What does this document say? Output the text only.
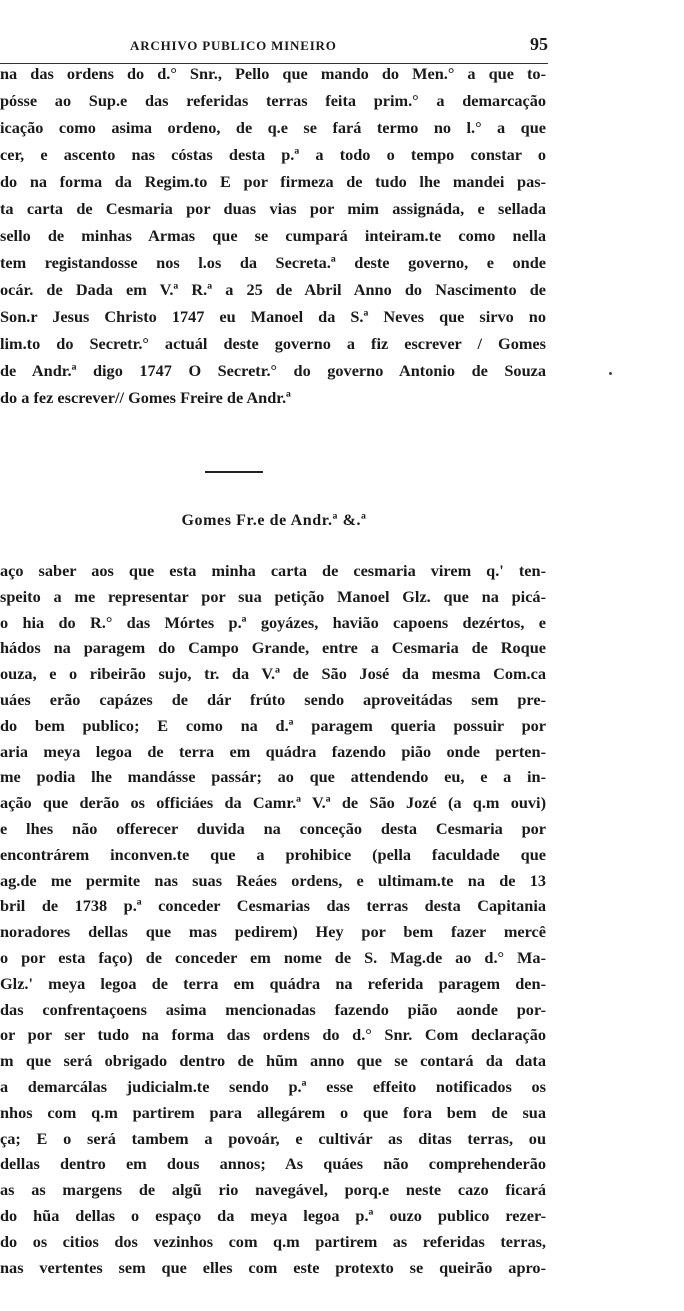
ARCHIVO PUBLICO MINEIRO	95
na das ordens do d.° Snr., Pello que mando do Men.° a que to-
pósse ao Sup.e das referidas terras feita prim.° a demarcação
icação como asima ordeno, de q.e se fará termo no l.° a que
cer, e asсento nas cóstas desta p.ª a todo o tempo constar o
do na forma da Regim.to E por firmeza de tudo lhe mandei pas-
ta carta de Cesmaria por duas vias por mim assignáda, e sellada
sello de minhas Armas que se cumpará inteiram.te como nella
tem registandosse nos l.os da Secreta.ª deste governo, e onde
ocár. de Dada em V.ª R.ª a 25 de Abril Anno do Nascimento de
Son.r Jesus Christo 1747 eu Manoel da S.ª Neves que sirvo no
lim.to do Secretr.° actuál deste governo a fiz escrever / Gomes
de Andr.ª digo 1747 O Secretr.° do governo Antonio de Souza
do a fez escrever// Gomes Freire de Andr.ª
Gomes Fr.e de Andr.ª &.ª
aço saber aos que esta minha carta de cesmaria virem q.' ten-
speito a me representar por sua petição Manoel Glz. que na picá-
o hia do R.° das Mórtes p.ª goyázes, havião capoens dezértos, e
hádos na paragem do Campo Grande, entre a Cesmaria de Roque
ouza, e o ribeirão sujo, tr. da V.ª de São José da mesma Com.ca
uáes erão capázes de dár frúto sendo aproveitádas sem pre-
do bem publico; E como na d.ª paragem queria possuir por
aria meya legoa de terra em quádra fazendo pião onde perten-
me podia lhe mandásse passár; ao que attendendo eu, e a in-
ação que derão os officiáes da Camr.ª V.ª de São Jozé (a q.m ouvi)
e lhes não offerecer duvida na conceção desta Cesmaria por
encontrárem inconven.te que a prohibice (pella faculdade que
ag.de me permite nas suas Reáes ordens, e ultimam.te na de 13
bril de 1738 p.ª conceder Cesmarias das terras desta Capitania
noradores dellas que mas pedirem) Hey por bem fazer mercê
o por esta faço) de conceder em nome de S. Mag.de ao d.° Ma-
Glz.' meya legoa de terra em quádra na referida paragem den-
das confrentaçoens asima mencionadas fazendo pião aonde por-
or por ser tudo na forma das ordens do d.° Snr. Com declaração
m que será obrigado dentro de hũm anno que se contará da data
a demarcálas judicialm.te sendo p.ª esse effeito notificados os
nhos com q.m partirem para allegárem o que fora bem de sua
ça; E o será tambem a povoár, e cultivár as ditas terras, ou
dellas dentro em dous annos; As quáes não comprehenderão
as as margens de algũ rio navegável, porq.e neste cazo ficará
do hũa dellas o espaço da meya legoa p.ª ouzo publico rezer-
do os citios dos vezinhos com q.m partirem as referidas terras,
nas vertentes sem que elles com este protexto se queirão apro-
